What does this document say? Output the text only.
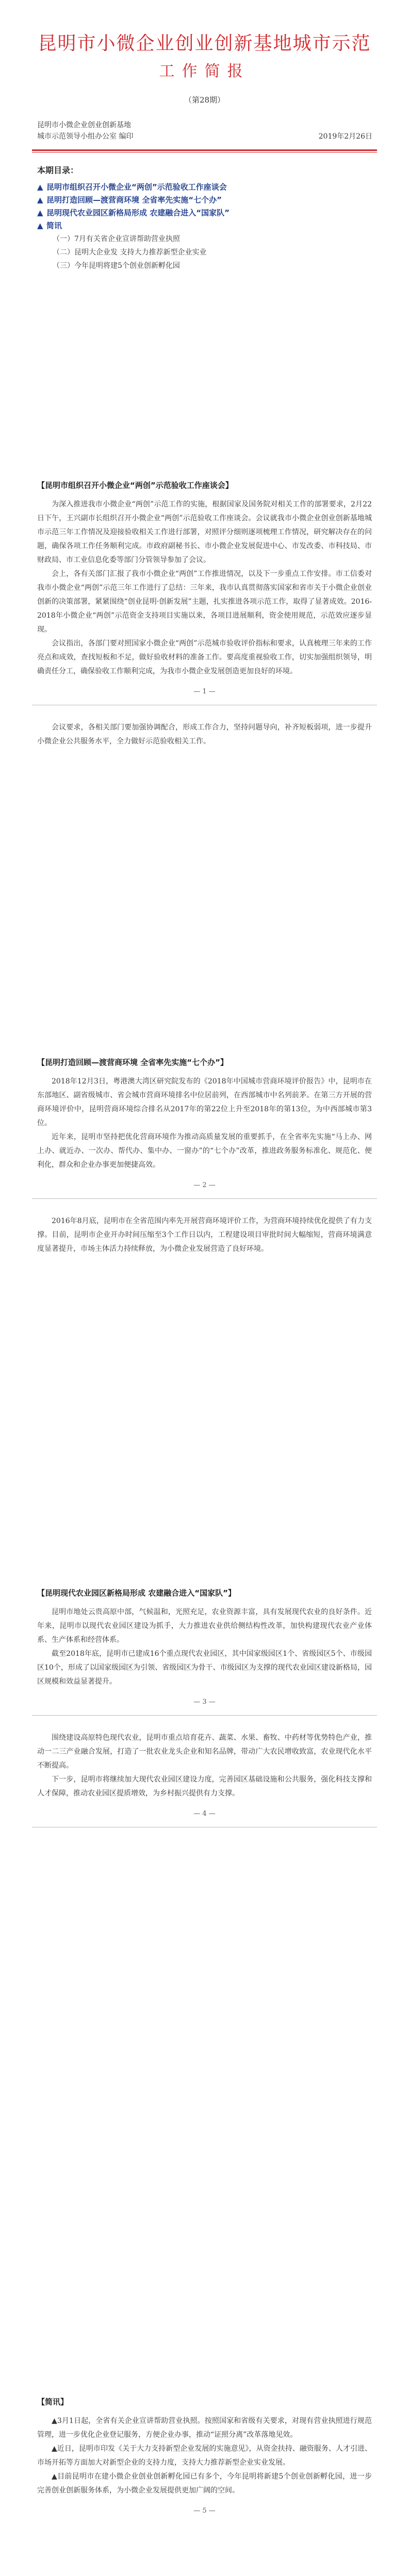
昆明市小微企业创业创新基地城市示范
工作简报
（第28期）
昆明市小微企业创业创新基地
城市示范领导小组办公室 编印	2019年2月26日
本期目录：
▲ 昆明市组织召开小微企业“两创”示范验收工作座谈会
▲ 昆明打造回顾—渡营商环境 全省率先实施“七个办”
▲ 昆明现代农业园区新格局形成 农建融合进入“国家队”
▲ 简讯
（一）7月有关省企业宣讲帮助营业执照
（二）昆明大企业发 支持大力推荐新型企业实业
（三）今年昆明将建5个创业创新孵化园
【昆明市组织召开小微企业“两创”示范验收工作座谈会】

为深入推进我市小微企业“两创”示范工作的实施，根据国家及国务院对相关工作的部署要求，2月22日下午，王兴副市长组织召开小微企业“两创”示范验收工作座谈会。会议就我市小微企业创业创新基地城市示范三年工作情况及迎接验收相关工作进行部署，对照评分细则逐项梳理工作情况，研究解决存在的问题，确保各项工作任务顺利完成。市政府副秘书长、市小微企业发展促进中心、市发改委、市科技局、市财政局、市工业信息化委等部门分管领导参加了会议。

会上，各有关部门汇报了我市小微企业“两创”工作推进情况，以及下一步重点工作安排。市工信委对我市小微企业“两创”示范三年工作进行了总结：三年来，我市认真贯彻落实国家和省市关于小微企业创业创新的决策部署，紧紧围绕“创业昆明·创新发展”主题，扎实推进各项示范工作，取得了显著成效。2016-2018年小微企业“两创”示范资金支持项目实施以来，各项目进展顺利，资金使用规范，示范效应逐步显现。

会议指出，各部门要对照国家小微企业“两创”示范城市验收评价指标和要求，认真梳理三年来的工作亮点和成效，查找短板和不足，做好验收材料的准备工作。要高度重视验收工作，切实加强组织领导，明确责任分工，确保验收工作顺利完成，为我市小微企业发展创造更加良好的环境。

— 1 —

会议要求，各相关部门要加强协调配合，形成工作合力，坚持问题导向，补齐短板弱项，进一步提升小微企业公共服务水平，全力做好示范验收相关工作。

【昆明打造回顾—渡营商环境 全省率先实施“七个办”】

2018年12月3日，粤港澳大湾区研究院发布的《2018年中国城市营商环境评价报告》中，昆明市在东部地区、副省级城市、省会城市营商环境排名中位居前列，在西部城市中名列前茅。在第三方开展的营商环境评价中，昆明营商环境综合排名从2017年的第22位上升至2018年的第13位，为中西部城市第3位。

近年来，昆明市坚持把优化营商环境作为推动高质量发展的重要抓手，在全省率先实施“马上办、网上办、就近办、一次办、帮代办、集中办、一窗办”的“七个办”改革，推进政务服务标准化、规范化、便利化，群众和企业办事更加便捷高效。

— 2 —

2016年8月底，昆明市在全省范围内率先开展营商环境评价工作，为营商环境持续优化提供了有力支撑。目前，昆明市企业开办时间压缩至3个工作日以内，工程建设项目审批时间大幅缩短，营商环境满意度显著提升，市场主体活力持续释放，为小微企业发展营造了良好环境。

【昆明现代农业园区新格局形成 农建融合进入“国家队”】

昆明市地处云贵高原中部，气候温和，光照充足，农业资源丰富，具有发展现代农业的良好条件。近年来，昆明市以现代农业园区建设为抓手，大力推进农业供给侧结构性改革，加快构建现代农业产业体系、生产体系和经营体系。

截至2018年底，昆明市已建成16个重点现代农业园区，其中国家级园区1个、省级园区5个、市级园区10个，形成了以国家级园区为引领、省级园区为骨干、市级园区为支撑的现代农业园区建设新格局，园区规模和效益显著提升。

— 3 —

围绕建设高原特色现代农业，昆明市重点培育花卉、蔬菜、水果、畜牧、中药材等优势特色产业，推动一二三产业融合发展，打造了一批农业龙头企业和知名品牌，带动广大农民增收致富，农业现代化水平不断提高。

下一步，昆明市将继续加大现代农业园区建设力度，完善园区基础设施和公共服务，强化科技支撑和人才保障，推动农业园区提质增效，为乡村振兴提供有力支撑。

— 4 —
【简讯】

▲3月1日起，全省有关企业宣讲帮助营业执照。按照国家和省级有关要求，对现有营业执照进行规范管理，进一步优化企业登记服务，方便企业办事，推动“证照分离”改革落地见效。

▲近日，昆明市印发《关于大力支持新型企业发展的实施意见》，从资金扶持、融资服务、人才引进、市场开拓等方面加大对新型企业的支持力度，支持大力推荐新型企业实业发展。

▲目前昆明市在建小微企业创业创新孵化园已有多个，今年昆明将新建5个创业创新孵化园，进一步完善创业创新服务体系，为小微企业发展提供更加广阔的空间。

— 5 —
